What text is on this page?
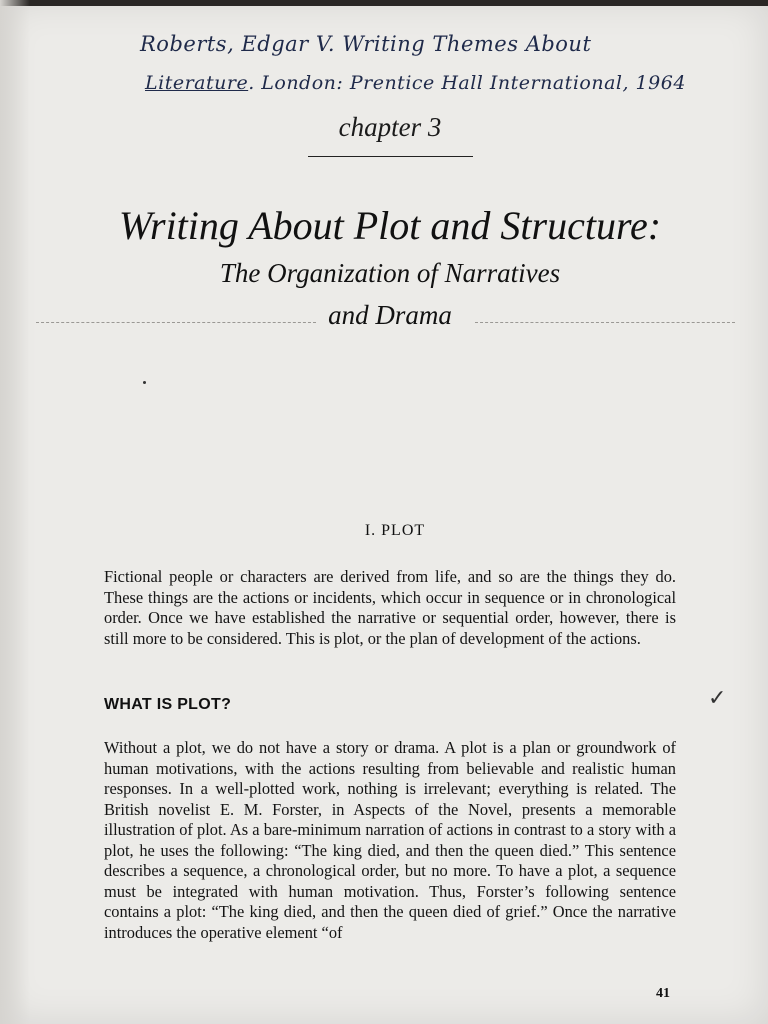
Roberts, Edgar V. Writing Themes About
Literature. London: Prentice Hall International, 1964
chapter 3
Writing About Plot and Structure:
The Organization of Narratives
and Drama
I. PLOT
Fictional people or characters are derived from life, and so are the things they do. These things are the actions or incidents, which occur in sequence or in chronological order. Once we have established the narrative or sequential order, however, there is still more to be considered. This is plot, or the plan of development of the actions.
WHAT IS PLOT?	✓
Without a plot, we do not have a story or drama. A plot is a plan or groundwork of human motivations, with the actions resulting from believable and realistic human responses. In a well-plotted work, nothing is irrelevant; everything is related. The British novelist E. M. Forster, in Aspects of the Novel, presents a memorable illustration of plot. As a bare-minimum narration of actions in contrast to a story with a plot, he uses the following: “The king died, and then the queen died.” This sentence describes a sequence, a chronological order, but no more. To have a plot, a sequence must be integrated with human motivation. Thus, Forster’s following sentence contains a plot: “The king died, and then the queen died of grief.” Once the narrative introduces the operative element “of
41
